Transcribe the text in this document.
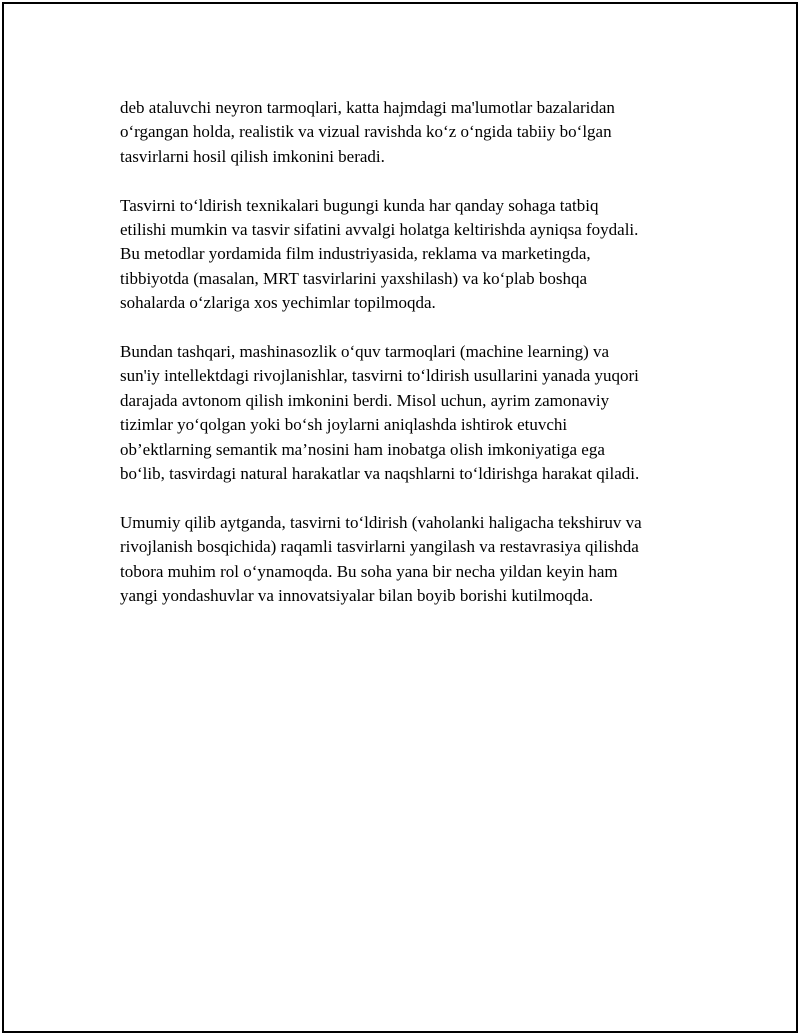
deb ataluvchi neyron tarmoqlari, katta hajmdagi ma'lumotlar bazalaridan
o‘rgangan holda, realistik va vizual ravishda ko‘z o‘ngida tabiiy bo‘lgan
tasvirlarni hosil qilish imkonini beradi.

Tasvirni to‘ldirish texnikalari bugungi kunda har qanday sohaga tatbiq
etilishi mumkin va tasvir sifatini avvalgi holatga keltirishda ayniqsa foydali.
Bu metodlar yordamida film industriyasida, reklama va marketingda,
tibbiyotda (masalan, MRT tasvirlarini yaxshilash) va ko‘plab boshqa
sohalarda o‘zlariga xos yechimlar topilmoqda.

Bundan tashqari, mashinasozlik o‘quv tarmoqlari (machine learning) va
sun'iy intellektdagi rivojlanishlar, tasvirni to‘ldirish usullarini yanada yuqori
darajada avtonom qilish imkonini berdi. Misol uchun, ayrim zamonaviy
tizimlar yo‘qolgan yoki bo‘sh joylarni aniqlashda ishtirok etuvchi
ob’ektlarning semantik ma’nosini ham inobatga olish imkoniyatiga ega
bo‘lib, tasvirdagi natural harakatlar va naqshlarni to‘ldirishga harakat qiladi.

Umumiy qilib aytganda, tasvirni to‘ldirish (vaholanki haligacha tekshiruv va
rivojlanish bosqichida) raqamli tasvirlarni yangilash va restavrasiya qilishda
tobora muhim rol o‘ynamoqda. Bu soha yana bir necha yildan keyin ham
yangi yondashuvlar va innovatsiyalar bilan boyib borishi kutilmoqda.
